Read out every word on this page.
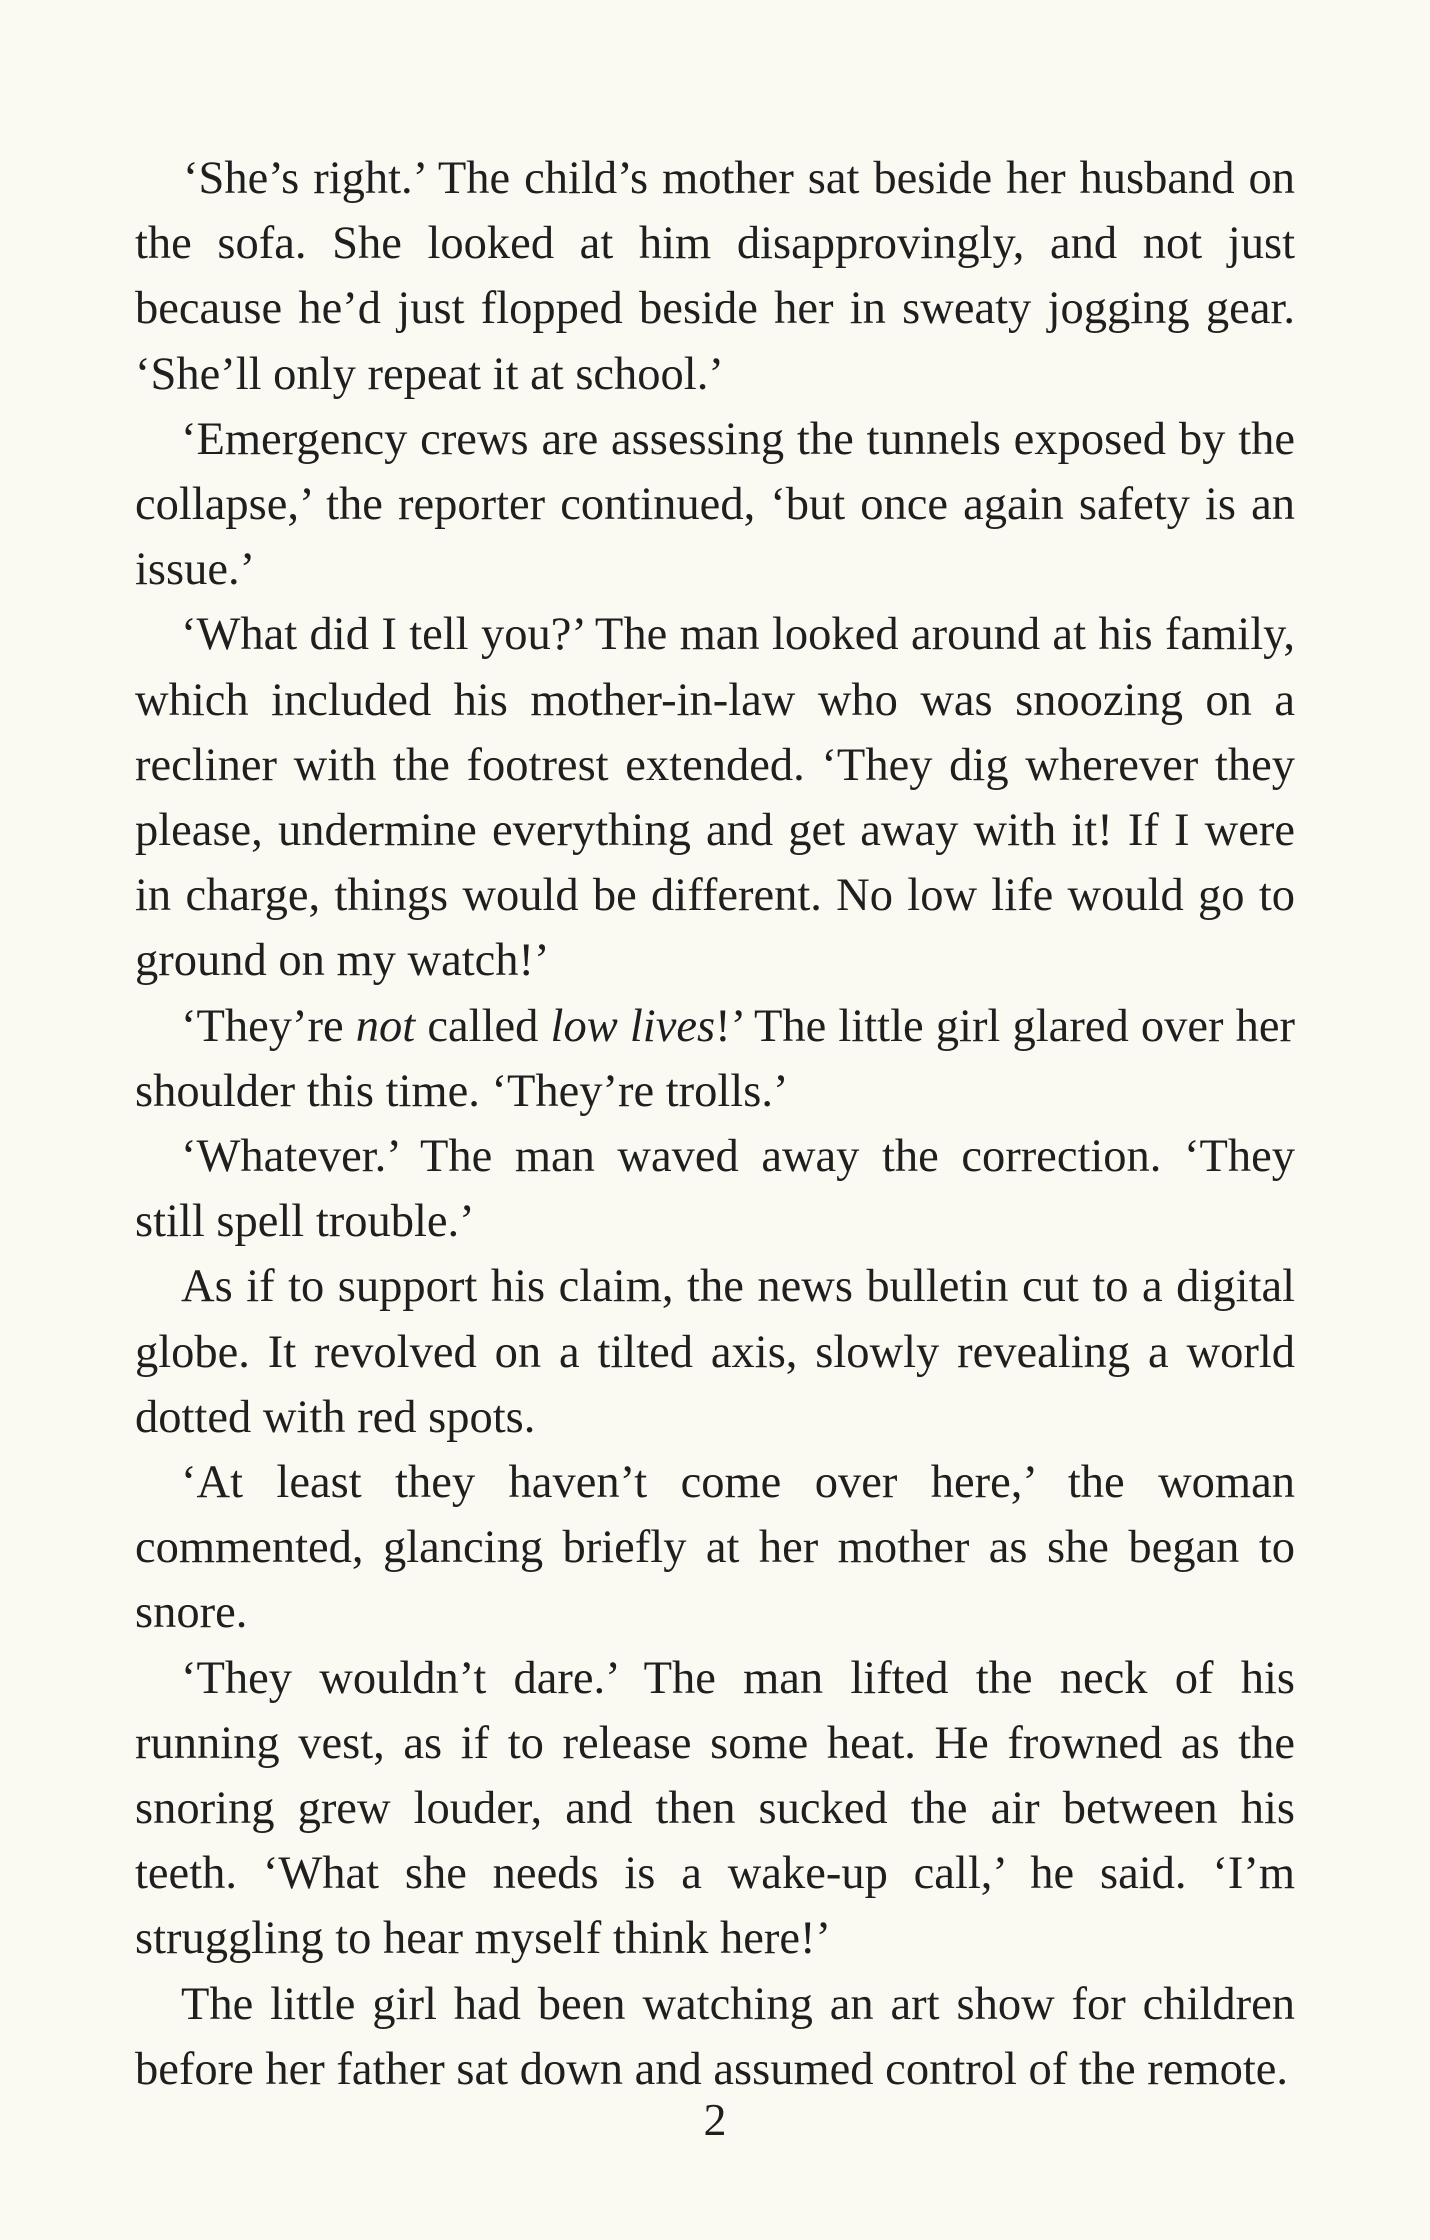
‘She’s right.’ The child’s mother sat beside her husband on the sofa. She looked at him disapprovingly, and not just because he’d just flopped beside her in sweaty jogging gear. ‘She’ll only repeat it at school.’

‘Emergency crews are assessing the tunnels exposed by the collapse,’ the reporter continued, ‘but once again safety is an issue.’

‘What did I tell you?’ The man looked around at his family, which included his mother-in-law who was snoozing on a recliner with the footrest extended. ‘They dig wherever they please, undermine everything and get away with it! If I were in charge, things would be different. No low life would go to ground on my watch!’

‘They’re not called low lives!’ The little girl glared over her shoulder this time. ‘They’re trolls.’

‘Whatever.’ The man waved away the correction. ‘They still spell trouble.’

As if to support his claim, the news bulletin cut to a digital globe. It revolved on a tilted axis, slowly revealing a world dotted with red spots.

‘At least they haven’t come over here,’ the woman commented, glancing briefly at her mother as she began to snore.

‘They wouldn’t dare.’ The man lifted the neck of his running vest, as if to release some heat. He frowned as the snoring grew louder, and then sucked the air between his teeth. ‘What she needs is a wake-up call,’ he said. ‘I’m struggling to hear myself think here!’

The little girl had been watching an art show for children before her father sat down and assumed control of the remote.

2
